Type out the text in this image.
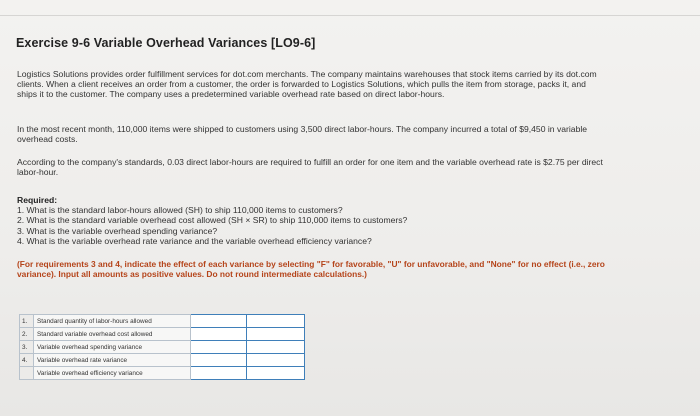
Exercise 9-6 Variable Overhead Variances [LO9-6]
Logistics Solutions provides order fulfillment services for dot.com merchants. The company maintains warehouses that stock items carried by its dot.com clients. When a client receives an order from a customer, the order is forwarded to Logistics Solutions, which pulls the item from storage, packs it, and ships it to the customer. The company uses a predetermined variable overhead rate based on direct labor-hours.
In the most recent month, 110,000 items were shipped to customers using 3,500 direct labor-hours. The company incurred a total of $9,450 in variable overhead costs.
According to the company's standards, 0.03 direct labor-hours are required to fulfill an order for one item and the variable overhead rate is $2.75 per direct labor-hour.
Required:
1. What is the standard labor-hours allowed (SH) to ship 110,000 items to customers?
2. What is the standard variable overhead cost allowed (SH × SR) to ship 110,000 items to customers?
3. What is the variable overhead spending variance?
4. What is the variable overhead rate variance and the variable overhead efficiency variance?
(For requirements 3 and 4, indicate the effect of each variance by selecting "F" for favorable, "U" for unfavorable, and "None" for no effect (i.e., zero variance). Input all amounts as positive values. Do not round intermediate calculations.)
1.	Standard quantity of labor-hours allowed	

2.	Standard variable overhead cost allowed	

3.	Variable overhead spending variance	

4.	Variable overhead rate variance	

	Variable overhead efficiency variance	
